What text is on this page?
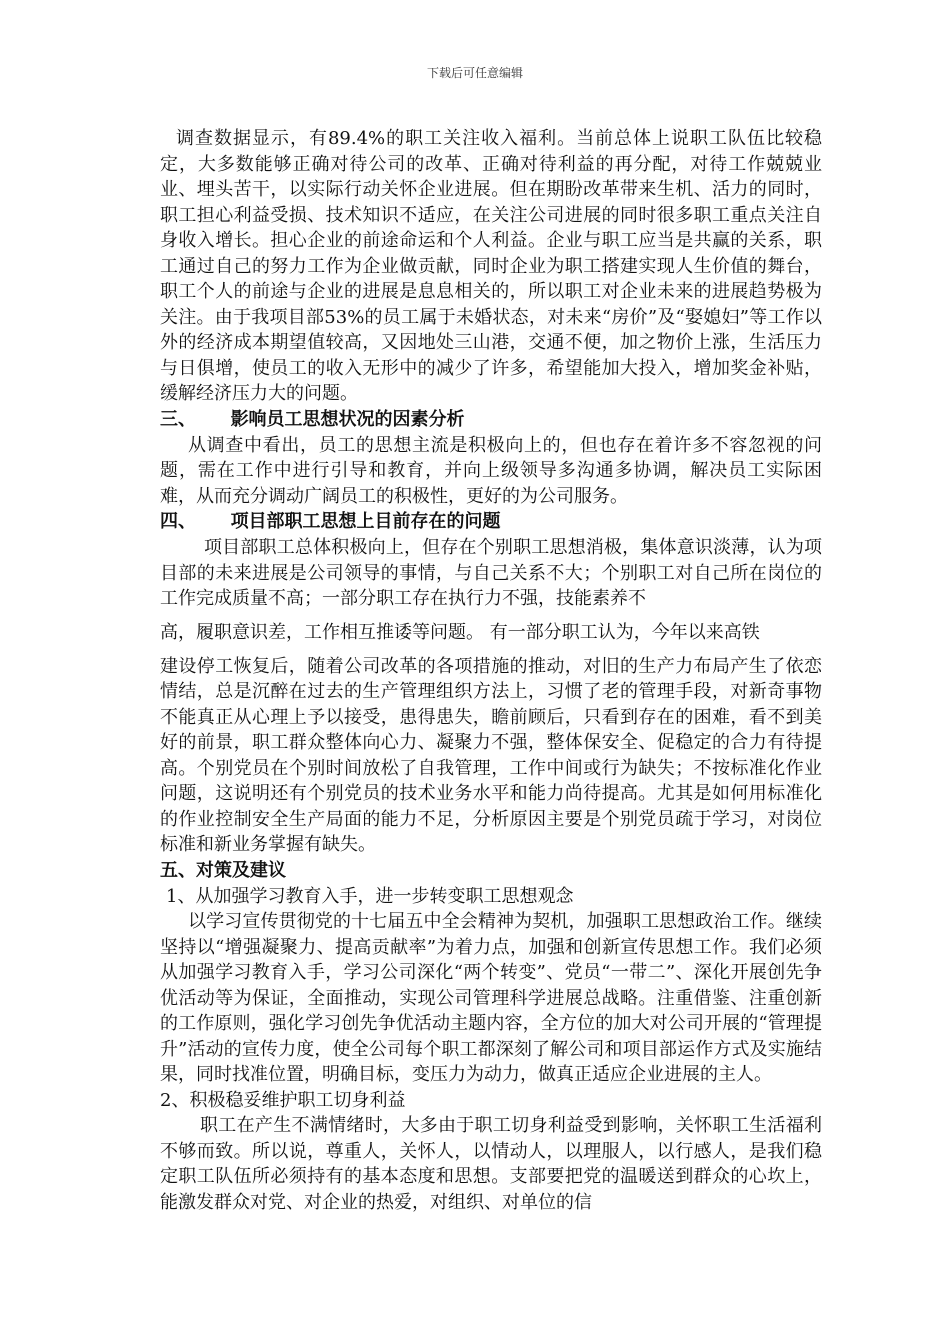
下载后可任意编辑

调查数据显示，有89.4%的职工关注收入福利。当前总体上说职工队伍比较稳定，大多数能够正确对待公司的改革、正确对待利益的再分配，对待工作兢兢业业、埋头苦干，以实际行动关怀企业进展。但在期盼改革带来生机、活力的同时，职工担心利益受损、技术知识不适应，在关注公司进展的同时很多职工重点关注自身收入增长。担心企业的前途命运和个人利益。企业与职工应当是共赢的关系，职工通过自己的努力工作为企业做贡献，同时企业为职工搭建实现人生价值的舞台，职工个人的前途与企业的进展是息息相关的，所以职工对企业未来的进展趋势极为关注。由于我项目部53%的员工属于未婚状态，对未来“房价”及“娶媳妇”等工作以外的经济成本期望值较高，又因地处三山港，交通不便，加之物价上涨，生活压力与日俱增，使员工的收入无形中的减少了许多，希望能加大投入，增加奖金补贴，缓解经济压力大的问题。

三、 影响员工思想状况的因素分析

从调查中看出，员工的思想主流是积极向上的，但也存在着许多不容忽视的问题，需在工作中进行引导和教育，并向上级领导多沟通多协调，解决员工实际困难，从而充分调动广阔员工的积极性，更好的为公司服务。

四、 项目部职工思想上目前存在的问题

项目部职工总体积极向上，但存在个别职工思想消极，集体意识淡薄，认为项目部的未来进展是公司领导的事情，与自己关系不大；个别职工对自己所在岗位的工作完成质量不高；一部分职工存在执行力不强，技能素养不

高，履职意识差，工作相互推诿等问题。 有一部分职工认为，今年以来高铁

建设停工恢复后，随着公司改革的各项措施的推动，对旧的生产力布局产生了依恋情结，总是沉醉在过去的生产管理组织方法上，习惯了老的管理手段，对新奇事物不能真正从心理上予以接受，患得患失，瞻前顾后，只看到存在的困难，看不到美好的前景，职工群众整体向心力、凝聚力不强，整体保安全、促稳定的合力有待提高。个别党员在个别时间放松了自我管理，工作中间或行为缺失；不按标准化作业问题，这说明还有个别党员的技术业务水平和能力尚待提高。尤其是如何用标准化的作业控制安全生产局面的能力不足，分析原因主要是个别党员疏于学习，对岗位标准和新业务掌握有缺失。

五、对策及建议

1、从加强学习教育入手，进一步转变职工思想观念

以学习宣传贯彻党的十七届五中全会精神为契机，加强职工思想政治工作。继续坚持以“增强凝聚力、提高贡献率”为着力点，加强和创新宣传思想工作。我们必须从加强学习教育入手，学习公司深化“两个转变”、党员“一带二”、深化开展创先争优活动等为保证，全面推动，实现公司管理科学进展总战略。注重借鉴、注重创新的工作原则，强化学习创先争优活动主题内容，全方位的加大对公司开展的“管理提升”活动的宣传力度，使全公司每个职工都深刻了解公司和项目部运作方式及实施结果，同时找准位置，明确目标，变压力为动力，做真正适应企业进展的主人。

2、积极稳妥维护职工切身利益

职工在产生不满情绪时，大多由于职工切身利益受到影响，关怀职工生活福利不够而致。所以说，尊重人，关怀人，以情动人，以理服人，以行感人，是我们稳定职工队伍所必须持有的基本态度和思想。支部要把党的温暖送到群众的心坎上，能激发群众对党、对企业的热爱，对组织、对单位的信
